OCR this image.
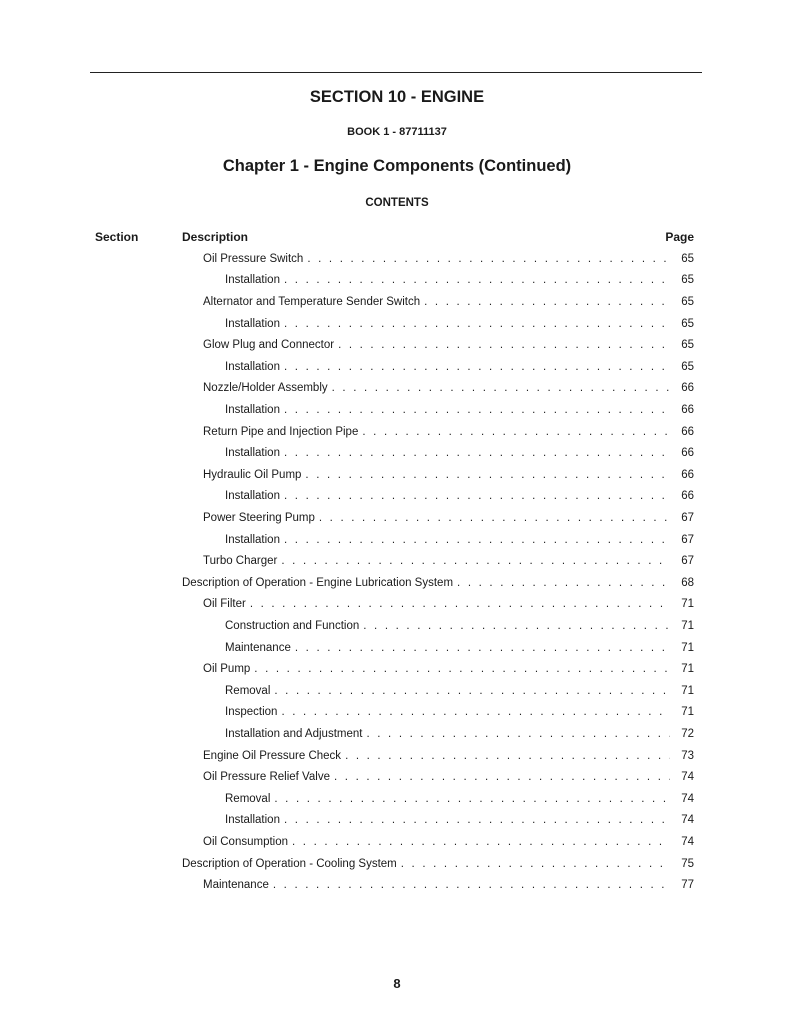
SECTION 10 - ENGINE
BOOK 1 - 87711137
Chapter 1 - Engine Components (Continued)
CONTENTS
Section	Description	Page
Oil Pressure Switch . . .	65
Installation . . .	65
Alternator and Temperature Sender Switch . . .	65
Installation . . .	65
Glow Plug and Connector . . .	65
Installation . . .	65
Nozzle/Holder Assembly . . .	66
Installation . . .	66
Return Pipe and Injection Pipe . . .	66
Installation . . .	66
Hydraulic Oil Pump . . .	66
Installation . . .	66
Power Steering Pump . . .	67
Installation . . .	67
Turbo Charger . . .	67
Description of Operation - Engine Lubrication System . . .	68
Oil Filter . . .	71
Construction and Function . . .	71
Maintenance . . .	71
Oil Pump . . .	71
Removal . . .	71
Inspection . . .	71
Installation and Adjustment . . .	72
Engine Oil Pressure Check . . .	73
Oil Pressure Relief Valve . . .	74
Removal . . .	74
Installation . . .	74
Oil Consumption . . .	74
Description of Operation - Cooling System . . .	75
Maintenance . . .	77
8
